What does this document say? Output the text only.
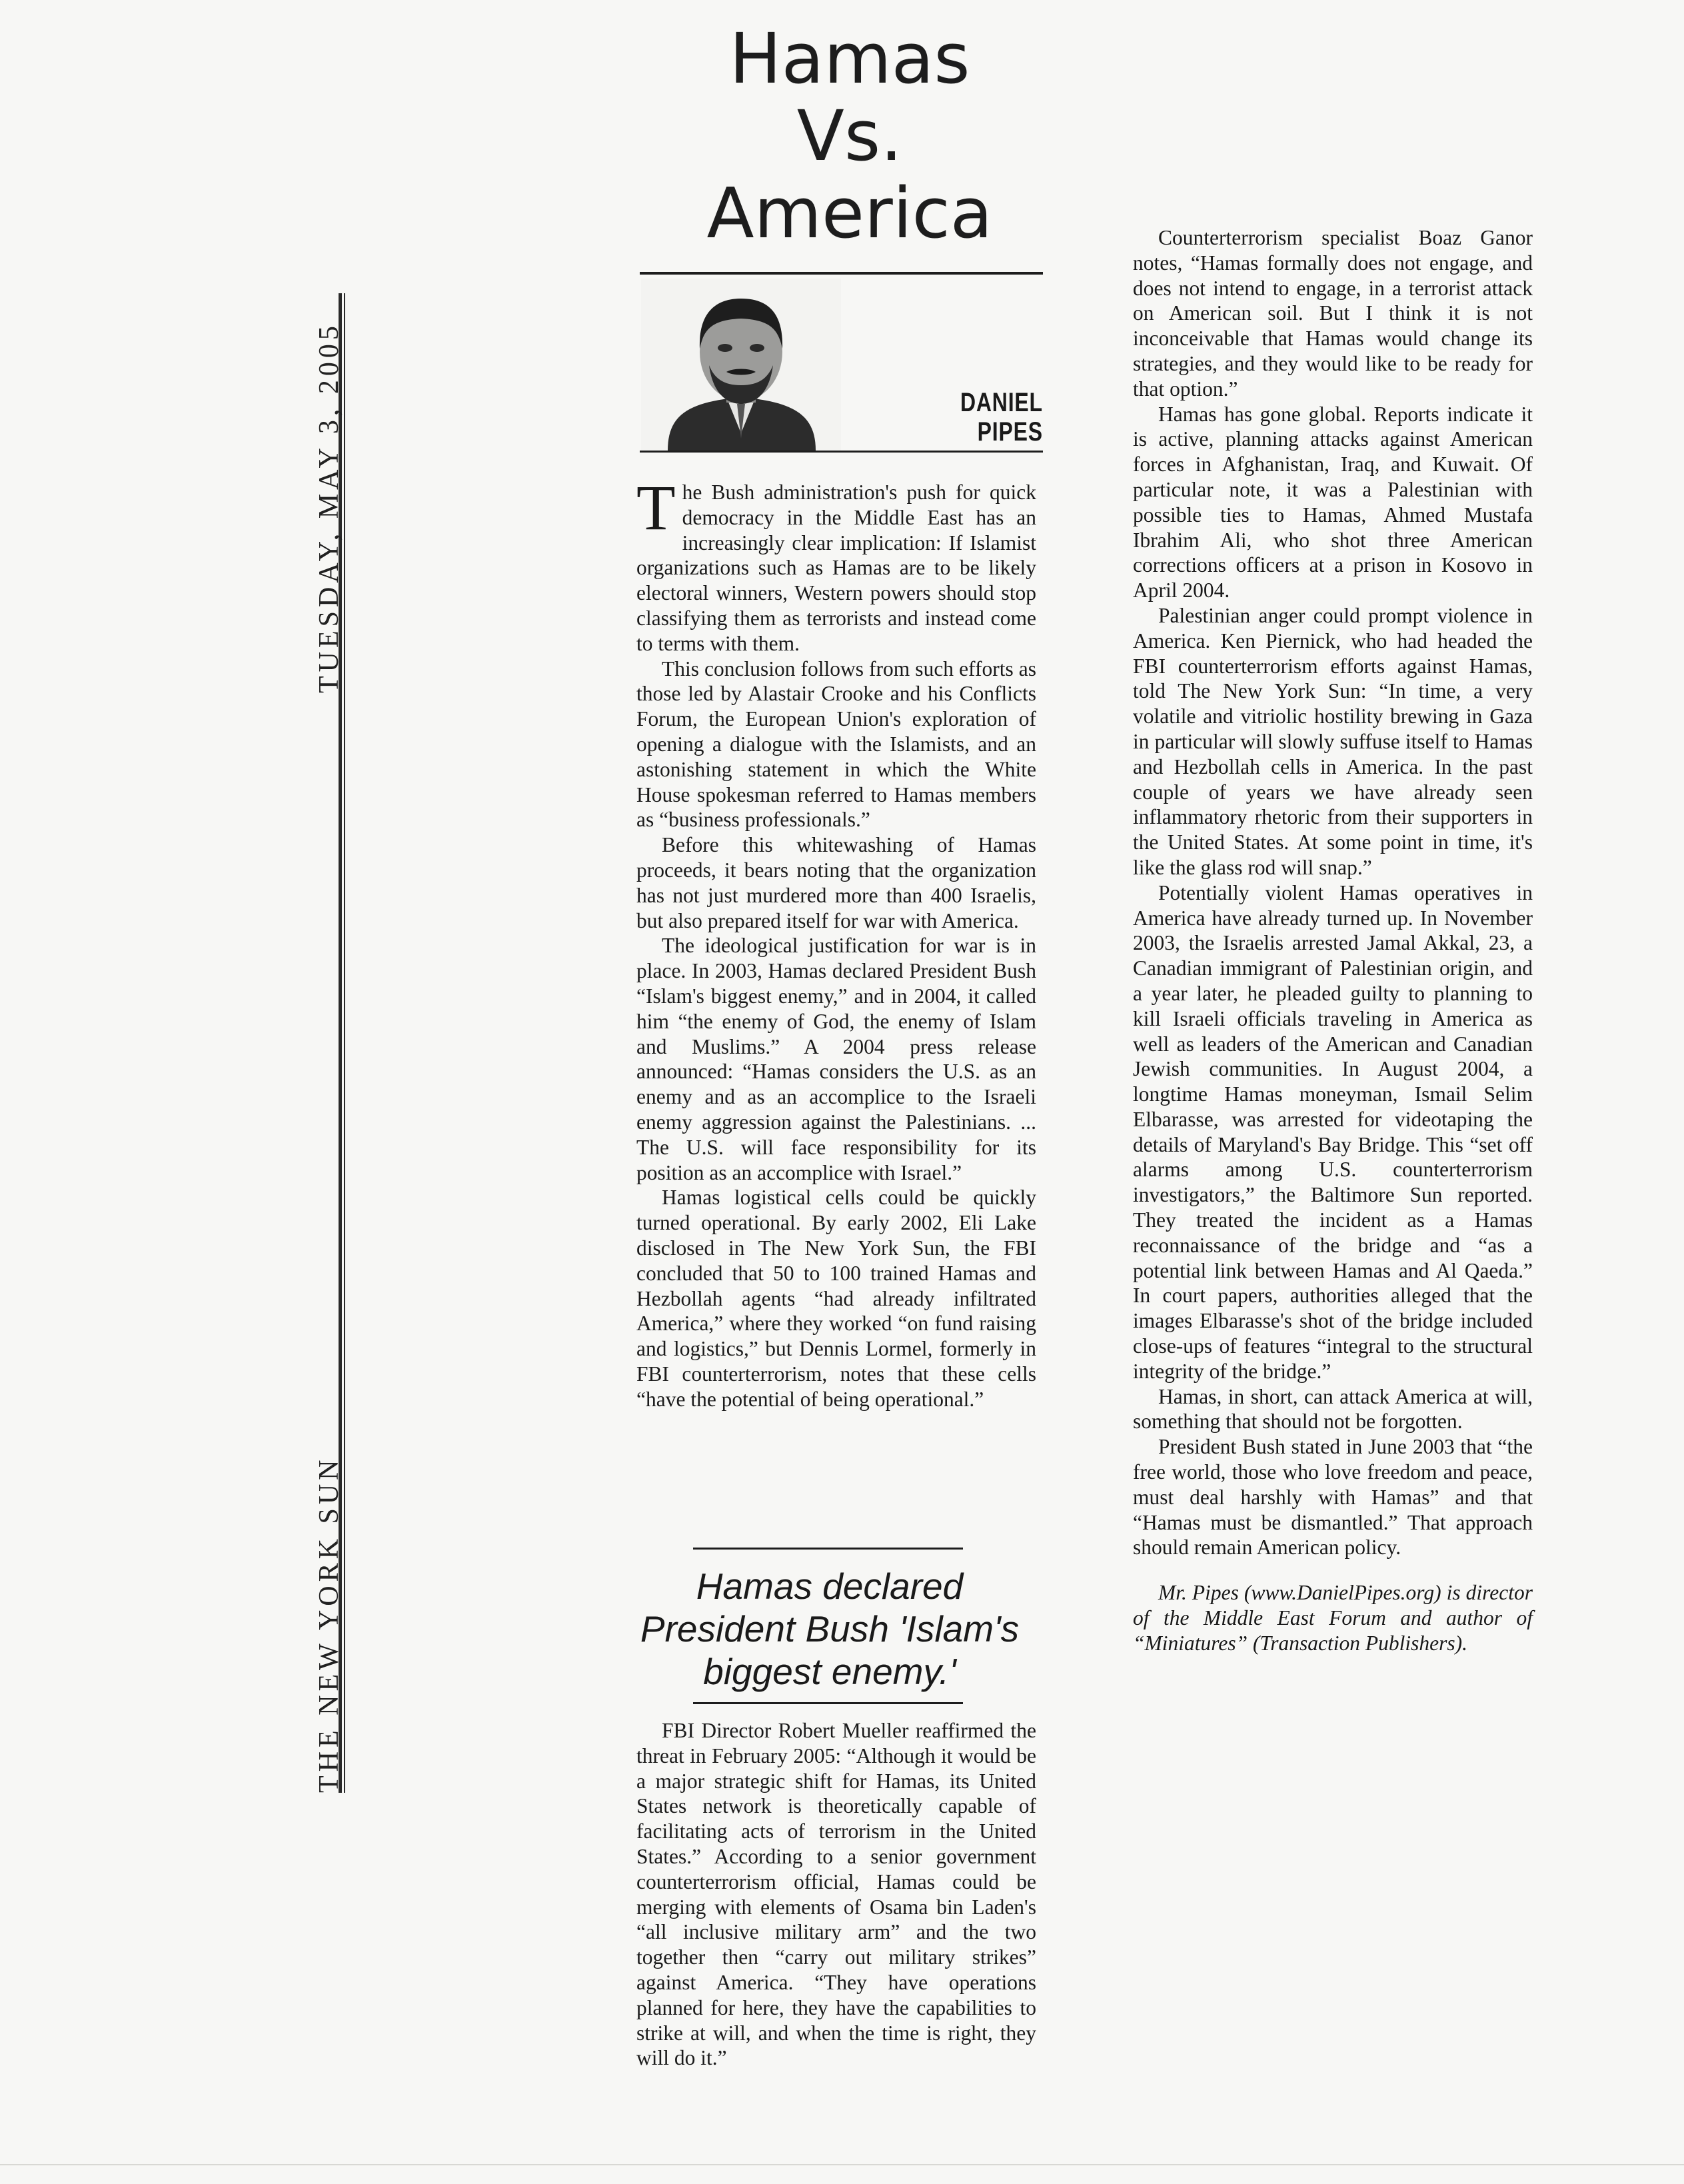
TUESDAY, MAY 3, 2005
THE NEW YORK SUN
Hamas
Vs.
America
DANIEL
PIPES

The Bush administration's push for quick democracy in the Middle East has an increasingly clear implication: If Islamist organizations such as Hamas are to be likely electoral winners, Western powers should stop classifying them as terrorists and instead come to terms with them.

This conclusion follows from such efforts as those led by Alastair Crooke and his Conflicts Forum, the European Union's exploration of opening a dialogue with the Islamists, and an astonishing statement in which the White House spokesman referred to Hamas members as “business professionals.”

Before this whitewashing of Hamas proceeds, it bears noting that the organization has not just murdered more than 400 Israelis, but also prepared itself for war with America.

The ideological justification for war is in place. In 2003, Hamas declared President Bush “Islam's biggest enemy,” and in 2004, it called him “the enemy of God, the enemy of Islam and Muslims.” A 2004 press release announced: “Hamas considers the U.S. as an enemy and as an accomplice to the Israeli enemy aggression against the Palestinians. ... The U.S. will face responsibility for its position as an accomplice with Israel.”

Hamas logistical cells could be quickly turned operational. By early 2002, Eli Lake disclosed in The New York Sun, the FBI concluded that 50 to 100 trained Hamas and Hezbollah agents “had already infiltrated America,” where they worked “on fund raising and logistics,” but Dennis Lormel, formerly in FBI counterterrorism, notes that these cells “have the potential of being operational.”

Hamas declared
President Bush 'Islam's
biggest enemy.'

FBI Director Robert Mueller reaffirmed the threat in February 2005: “Although it would be a major strategic shift for Hamas, its United States network is theoretically capable of facilitating acts of terrorism in the United States.” According to a senior government counterterrorism official, Hamas could be merging with elements of Osama bin Laden's “all inclusive military arm” and the two together then “carry out military strikes” against America. “They have operations planned for here, they have the capabilities to strike at will, and when the time is right, they will do it.”

Counterterrorism specialist Boaz Ganor notes, “Hamas formally does not engage, and does not intend to engage, in a terrorist attack on American soil. But I think it is not inconceivable that Hamas would change its strategies, and they would like to be ready for that option.”

Hamas has gone global. Reports indicate it is active, planning attacks against American forces in Afghanistan, Iraq, and Kuwait. Of particular note, it was a Palestinian with possible ties to Hamas, Ahmed Mustafa Ibrahim Ali, who shot three American corrections officers at a prison in Kosovo in April 2004.

Palestinian anger could prompt violence in America. Ken Piernick, who had headed the FBI counterterrorism efforts against Hamas, told The New York Sun: “In time, a very volatile and vitriolic hostility brewing in Gaza in particular will slowly suffuse itself to Hamas and Hezbollah cells in America. In the past couple of years we have already seen inflammatory rhetoric from their supporters in the United States. At some point in time, it's like the glass rod will snap.”

Potentially violent Hamas operatives in America have already turned up. In November 2003, the Israelis arrested Jamal Akkal, 23, a Canadian immigrant of Palestinian origin, and a year later, he pleaded guilty to planning to kill Israeli officials traveling in America as well as leaders of the American and Canadian Jewish communities. In August 2004, a longtime Hamas moneyman, Ismail Selim Elbarasse, was arrested for videotaping the details of Maryland's Bay Bridge. This “set off alarms among U.S. counterterrorism investigators,” the Baltimore Sun reported. They treated the incident as a Hamas reconnaissance of the bridge and “as a potential link between Hamas and Al Qaeda.” In court papers, authorities alleged that the images Elbarasse's shot of the bridge included close-ups of features “integral to the structural integrity of the bridge.”

Hamas, in short, can attack America at will, something that should not be forgotten.

President Bush stated in June 2003 that “the free world, those who love freedom and peace, must deal harshly with Hamas” and that “Hamas must be dismantled.” That approach should remain American policy.

Mr. Pipes (www.DanielPipes.org) is director of the Middle East Forum and author of “Miniatures” (Transaction Publishers).
